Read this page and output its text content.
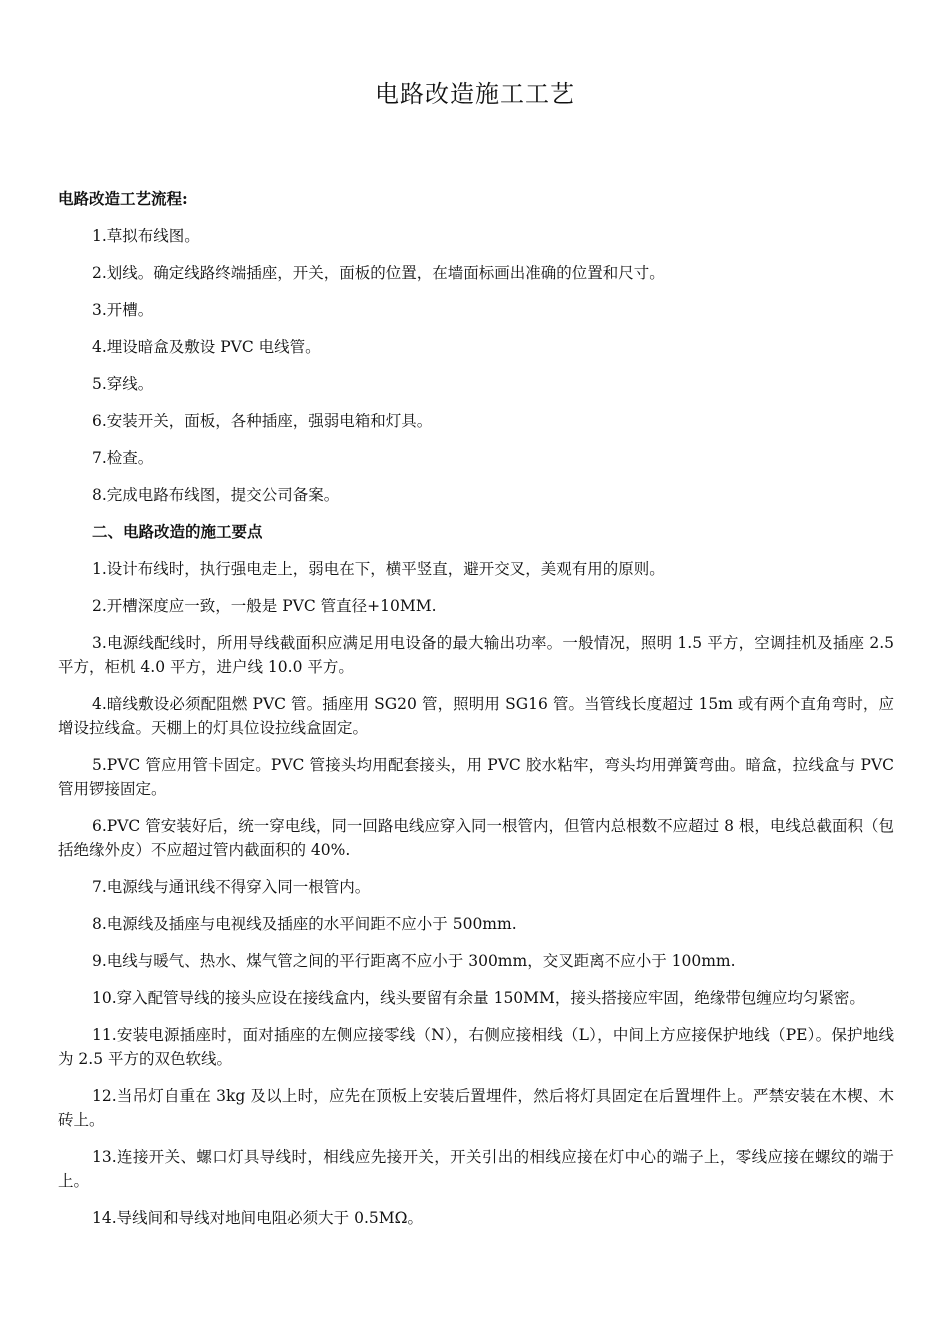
电路改造施工工艺
电路改造工艺流程:

1.草拟布线图。

2.划线。确定线路终端插座，开关，面板的位置，在墙面标画出准确的位置和尺寸。

3.开槽。

4.埋设暗盒及敷设 PVC 电线管。

5.穿线。

6.安装开关，面板，各种插座，强弱电箱和灯具。

7.检查。

8.完成电路布线图，提交公司备案。

二、电路改造的施工要点

1.设计布线时，执行强电走上，弱电在下，横平竖直，避开交叉，美观有用的原则。

2.开槽深度应一致，一般是 PVC 管直径+10MM.

3.电源线配线时，所用导线截面积应满足用电设备的最大输出功率。一般情况，照明 1.5 平方，空调挂机及插座 2.5 平方，柜机 4.0 平方，进户线 10.0 平方。

4.暗线敷设必须配阻燃 PVC 管。插座用 SG20 管，照明用 SG16 管。当管线长度超过 15m 或有两个直角弯时，应增设拉线盒。天棚上的灯具位设拉线盒固定。

5.PVC 管应用管卡固定。PVC 管接头均用配套接头，用 PVC 胶水粘牢，弯头均用弹簧弯曲。暗盒，拉线盒与 PVC 管用锣接固定。

6.PVC 管安装好后，统一穿电线，同一回路电线应穿入同一根管内，但管内总根数不应超过 8 根，电线总截面积（包括绝缘外皮）不应超过管内截面积的 40%.

7.电源线与通讯线不得穿入同一根管内。

8.电源线及插座与电视线及插座的水平间距不应小于 500mm.

9.电线与暖气、热水、煤气管之间的平行距离不应小于 300mm，交叉距离不应小于 100mm.

10.穿入配管导线的接头应设在接线盒内，线头要留有余量 150MM，接头搭接应牢固，绝缘带包缠应均匀紧密。

11.安装电源插座时，面对插座的左侧应接零线（N），右侧应接相线（L），中间上方应接保护地线（PE）。保护地线为 2.5 平方的双色软线。

12.当吊灯自重在 3kg 及以上时，应先在顶板上安装后置埋件，然后将灯具固定在后置埋件上。严禁安装在木楔、木砖上。

13.连接开关、螺口灯具导线时，相线应先接开关，开关引出的相线应接在灯中心的端子上，零线应接在螺纹的端于上。

14.导线间和导线对地间电阻必须大于 0.5MΩ。
